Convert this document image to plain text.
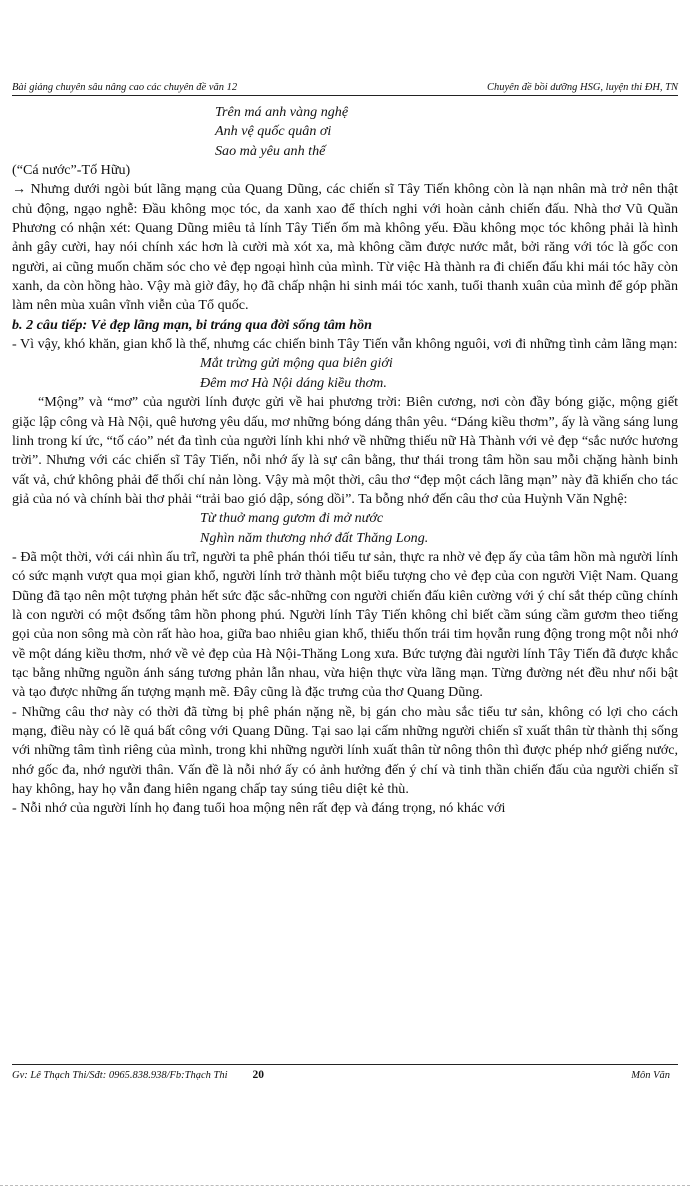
Bài giảng chuyên sâu nâng cao các chuyên đề văn 12	Chuyên đề bồi dưỡng HSG, luyện thi ĐH, TN

Trên má anh vàng nghệ

Anh vệ quốc quân ơi

Sao mà yêu anh thế

(“Cá nước”-Tố Hữu)

→ Nhưng dưới ngòi bút lãng mạng của Quang Dũng, các chiến sĩ Tây Tiến không còn là nạn nhân mà trở nên thật chủ động, ngạo nghễ: Đầu không mọc tóc, da xanh xao để thích nghi với hoàn cảnh chiến đấu. Nhà thơ Vũ Quần Phương có nhận xét: Quang Dũng miêu tả lính Tây Tiến ốm mà không yếu. Đầu không mọc tóc không phải là hình ảnh gây cười, hay nói chính xác hơn là cười mà xót xa, mà không cầm được nước mắt, bởi răng với tóc là gốc con người, ai cũng muốn chăm sóc cho vẻ đẹp ngoại hình của mình. Từ việc Hà thành ra đi chiến đấu khi mái tóc hãy còn xanh, da còn hồng hào. Vậy mà giờ đây, họ đã chấp nhận hi sinh mái tóc xanh, tuổi thanh xuân của mình để góp phần làm nên mùa xuân vĩnh viễn của Tổ quốc.

b. 2 câu tiếp: Vẻ đẹp lãng mạn, bi tráng qua đời sống tâm hồn

- Vì vậy, khó khăn, gian khổ là thế, nhưng các chiến binh Tây Tiến vẫn không nguôi, vơi đi những tình cảm lãng mạn:

Mắt trừng gửi mộng qua biên giới

Đêm mơ Hà Nội dáng kiều thơm.

“Mộng” và “mơ” của người lính được gửi về hai phương trời: Biên cương, nơi còn đầy bóng giặc, mộng giết giặc lập công và Hà Nội, quê hương yêu dấu, mơ những bóng dáng thân yêu. “Dáng kiều thơm”, ấy là vầng sáng lung linh trong kí ức, “tố cáo” nét đa tình của người lính khi nhớ về những thiếu nữ Hà Thành với vẻ đẹp “sắc nước hương trời”. Nhưng với các chiến sĩ Tây Tiến, nỗi nhớ ấy là sự cân bằng, thư thái trong tâm hồn sau mỗi chặng hành binh vất vả, chứ không phải để thối chí nản lòng. Vậy mà một thời, câu thơ “đẹp một cách lãng mạn” này đã khiến cho tác giả của nó và chính bài thơ phải “trải bao gió dập, sóng dồi”. Ta bỗng nhớ đến câu thơ của Huỳnh Văn Nghệ:

Từ thuở mang gươm đi mở nước

Nghìn năm thương nhớ đất Thăng Long.

- Đã một thời, với cái nhìn ấu trĩ, người ta phê phán thói tiểu tư sản, thực ra nhờ vẻ đẹp ấy của tâm hồn mà người lính có sức mạnh vượt qua mọi gian khổ, người lính trở thành một biểu tượng cho vẻ đẹp của con người Việt Nam. Quang Dũng đã tạo nên một tượng phản hết sức đặc sắc-những con người chiến đấu kiên cường với ý chí sắt thép cũng chính là con người có một đsống tâm hồn phong phú. Người lính Tây Tiến không chỉ biết cầm súng cầm gươm theo tiếng gọi của non sông mà còn rất hào hoa, giữa bao nhiêu gian khổ, thiếu thốn trái tim họvẫn rung động trong một nỗi nhớ về một dáng kiều thơm, nhớ về vẻ đẹp của Hà Nội-Thăng Long xưa. Bức tượng đài người lính Tây Tiến đã được khắc tạc bằng những nguồn ánh sáng tương phản lẫn nhau, vừa hiện thực vừa lãng mạn. Từng đường nét đều như nổi bật và tạo được những ấn tượng mạnh mẽ. Đây cũng là đặc trưng của thơ Quang Dũng.

- Những câu thơ này có thời đã từng bị phê phán nặng nề, bị gán cho màu sắc tiểu tư sản, không có lợi cho cách mạng, điều này có lẽ quá bất công với Quang Dũng. Tại sao lại cấm những người chiến sĩ xuất thân từ thành thị sống với những tâm tình riêng của mình, trong khi những người lính xuất thân từ nông thôn thì được phép nhớ giếng nước, nhớ gốc đa, nhớ người thân. Vấn đề là nỗi nhớ ấy có ảnh hưởng đến ý chí và tinh thần chiến đấu của người chiến sĩ hay không, hay họ vẫn đang hiên ngang chấp tay súng tiêu diệt kẻ thù.

- Nỗi nhớ của người lính họ đang tuổi hoa mộng nên rất đẹp và đáng trọng, nó khác với

Gv: Lê Thạch Thi/Sđt: 0965.838.938/Fb:Thạch Thi 20	Môn Văn
